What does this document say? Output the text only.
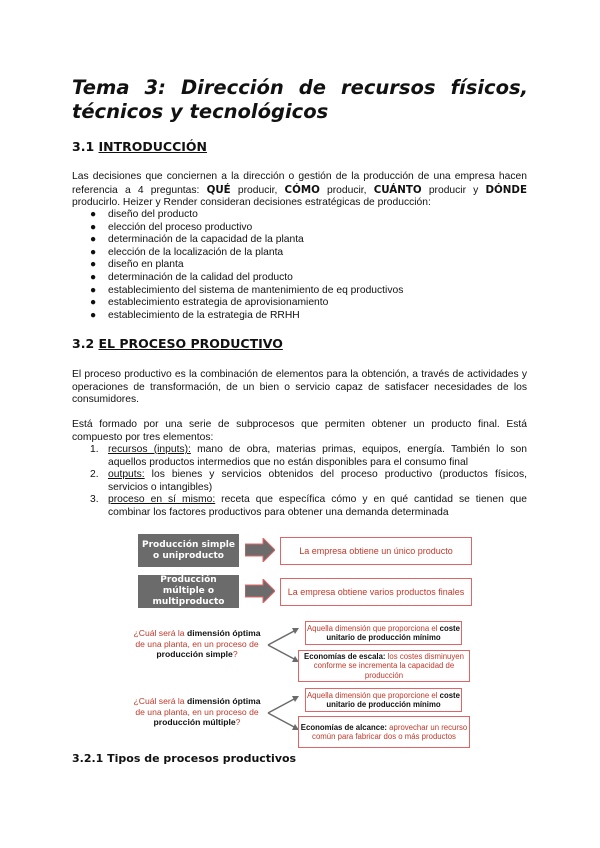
Tema 3: Dirección de recursos físicos, técnicos y tecnológicos
3.1 INTRODUCCIÓN

Las decisiones que conciernen a la dirección o gestión de la producción de una empresa hacen referencia a 4 preguntas: QUÉ producir, CÓMO producir, CUÁNTO producir y DÓNDE producirlo. Heizer y Render consideran decisiones estratégicas de producción:

● diseño del producto
● elección del proceso productivo
● determinación de la capacidad de la planta
● elección de la localización de la planta
● diseño en planta
● determinación de la calidad del producto
● establecimiento del sistema de mantenimiento de eq productivos
● establecimiento estrategia de aprovisionamiento
● establecimiento de la estrategia de RRHH
3.2 EL PROCESO PRODUCTIVO

El proceso productivo es la combinación de elementos para la obtención, a través de actividades y operaciones de transformación, de un bien o servicio capaz de satisfacer necesidades de los consumidores.

Está formado por una serie de subprocesos que permiten obtener un producto final. Está compuesto por tres elementos:

1. recursos (inputs): mano de obra, materias primas, equipos, energía. También lo son aquellos productos intermedios que no están disponibles para el consumo final
2. outputs: los bienes y servicios obtenidos del proceso productivo (productos físicos, servicios o intangibles)
3. proceso en sí mismo: receta que específica cómo y en qué cantidad se tienen que combinar los factores productivos para obtener una demanda determinada
Producción simple o uniproducto	La empresa obtiene un único producto
Producción múltiple o multiproducto
La empresa obtiene varios productos finales
¿Cuál será la dimensión óptima de una planta, en un proceso de producción simple?
Aquella dimensión que proporciona el coste unitario de producción mínimo
Economías de escala: los costes disminuyen conforme se incrementa la capacidad de producción
¿Cuál será la dimensión óptima de una planta, en un proceso de producción múltiple?
Aquella dimensión que proporcione el coste unitario de producción mínimo
Economías de alcance: aprovechar un recurso común para fabricar dos o más productos
3.2.1 Tipos de procesos productivos
